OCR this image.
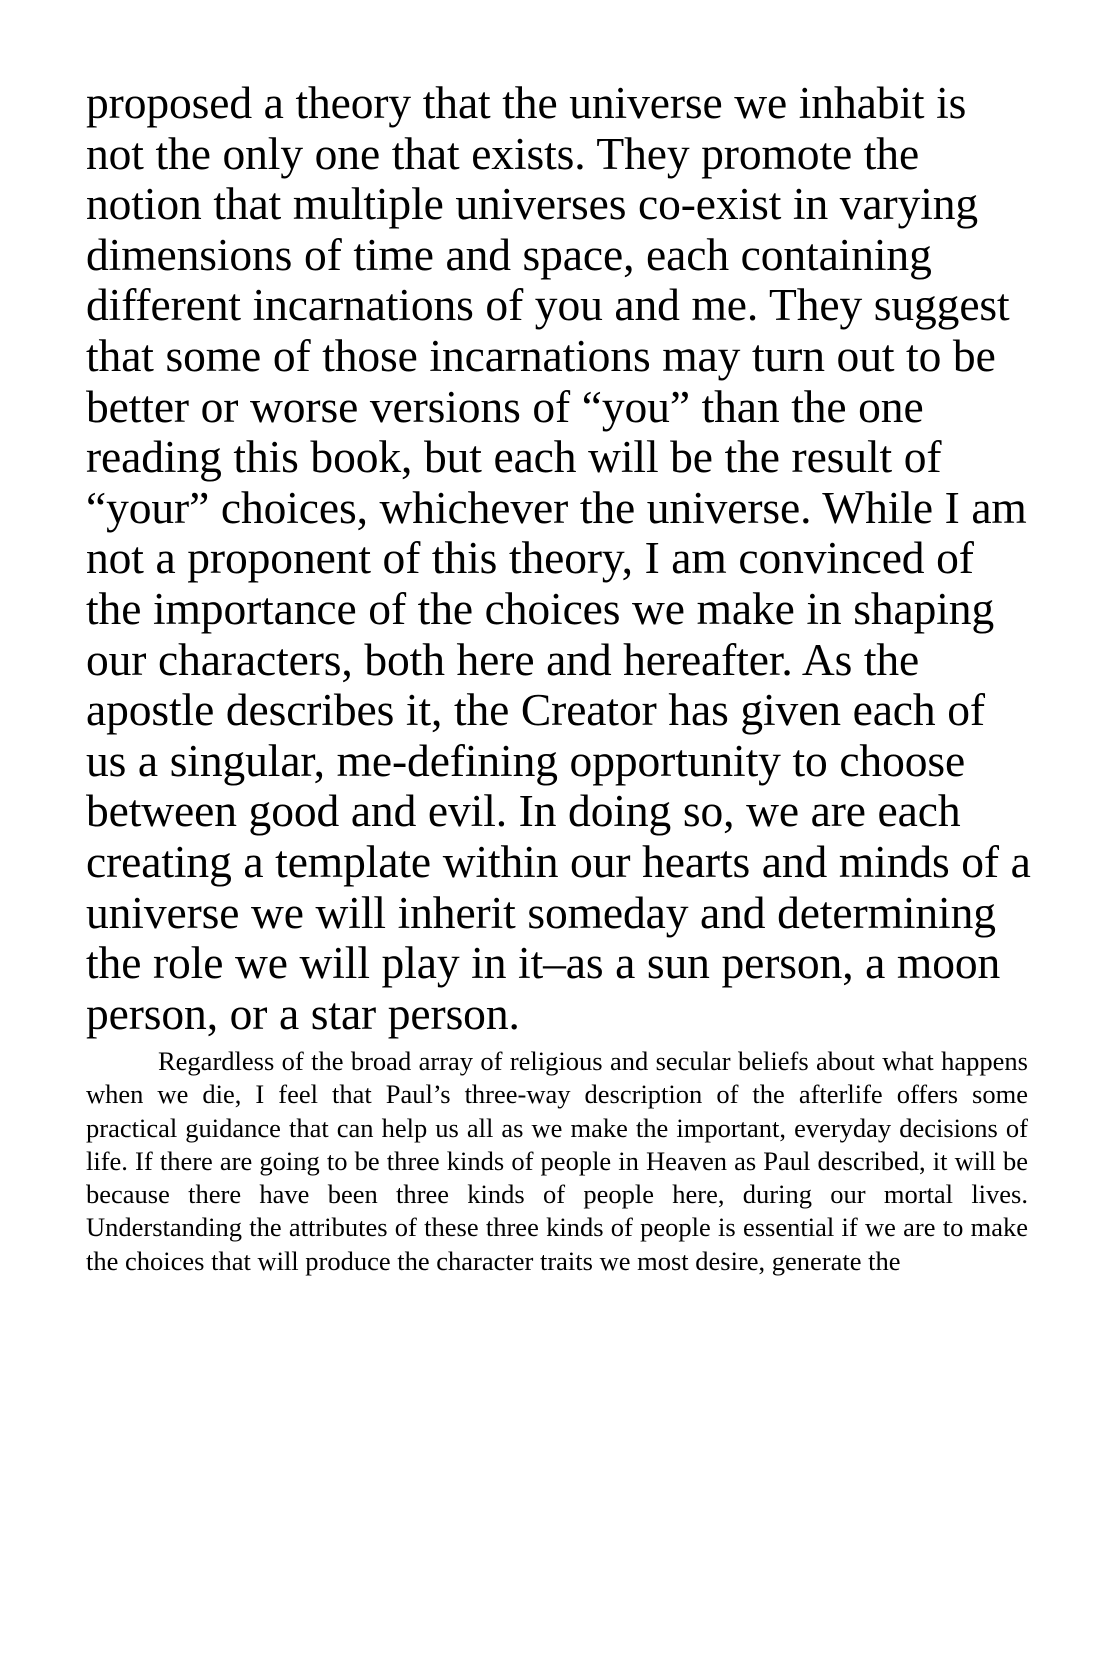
proposed a theory that the universe we inhabit is not the only one that exists. They promote the notion that multiple universes co-exist in varying dimensions of time and space, each containing different incarnations of you and me. They suggest that some of those incarnations may turn out to be better or worse versions of “you” than the one reading this book, but each will be the result of “your” choices, whichever the universe. While I am not a proponent of this theory, I am convinced of the importance of the choices we make in shaping our characters, both here and hereafter. As the apostle describes it, the Creator has given each of us a singular, me-defining opportunity to choose between good and evil. In doing so, we are each creating a template within our hearts and minds of a universe we will inherit someday and determining the role we will play in it–as a sun person, a moon person, or a star person.

Regardless of the broad array of religious and secular beliefs about what happens when we die, I feel that Paul’s three-way description of the afterlife offers some practical guidance that can help us all as we make the important, everyday decisions of life. If there are going to be three kinds of people in Heaven as Paul described, it will be because there have been three kinds of people here, during our mortal lives. Understanding the attributes of these three kinds of people is essential if we are to make the choices that will produce the character traits we most desire, generate the
